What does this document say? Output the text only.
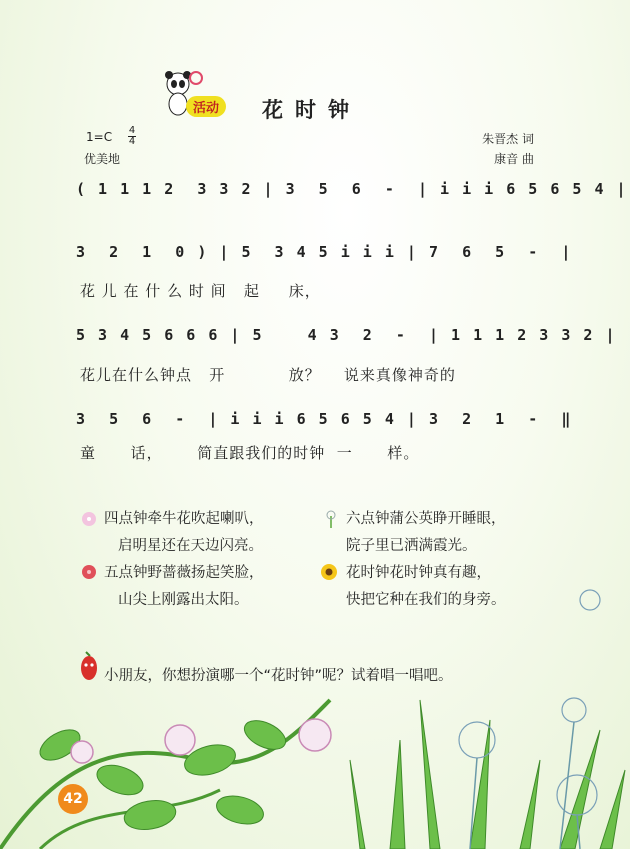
活动	花时钟
1=C 4
4
优美地
朱晋杰 词
康音 曲
( 1 1 1 2  3 3 2 | 3  5  6  -  | i i i 6 5 6 5 4 |
3  2  1  0 ) | 5  3 4 5 i i i | 7  6  5  -  |
花 儿 在 什 么 时 间   起     床，
5 3 4 5 6 6 6 | 5    4 3  2  -  | 1 1 1 2 3 3 2 |
花儿在什么钟点   开           放？    说来真像神奇的
3  5  6  -  | i i i 6 5 6 5 4 | 3  2  1  -  ‖
童      话，      简直跟我们的时钟  一      样。
四点钟牵牛花吹起喇叭，
启明星还在天边闪亮。
五点钟野蔷薇扬起笑脸，
山尖上刚露出太阳。
六点钟蒲公英睁开睡眼，
院子里已洒满霞光。
花时钟花时钟真有趣，
快把它种在我们的身旁。
小朋友，你想扮演哪一个“花时钟”呢？试着唱一唱吧。
42
